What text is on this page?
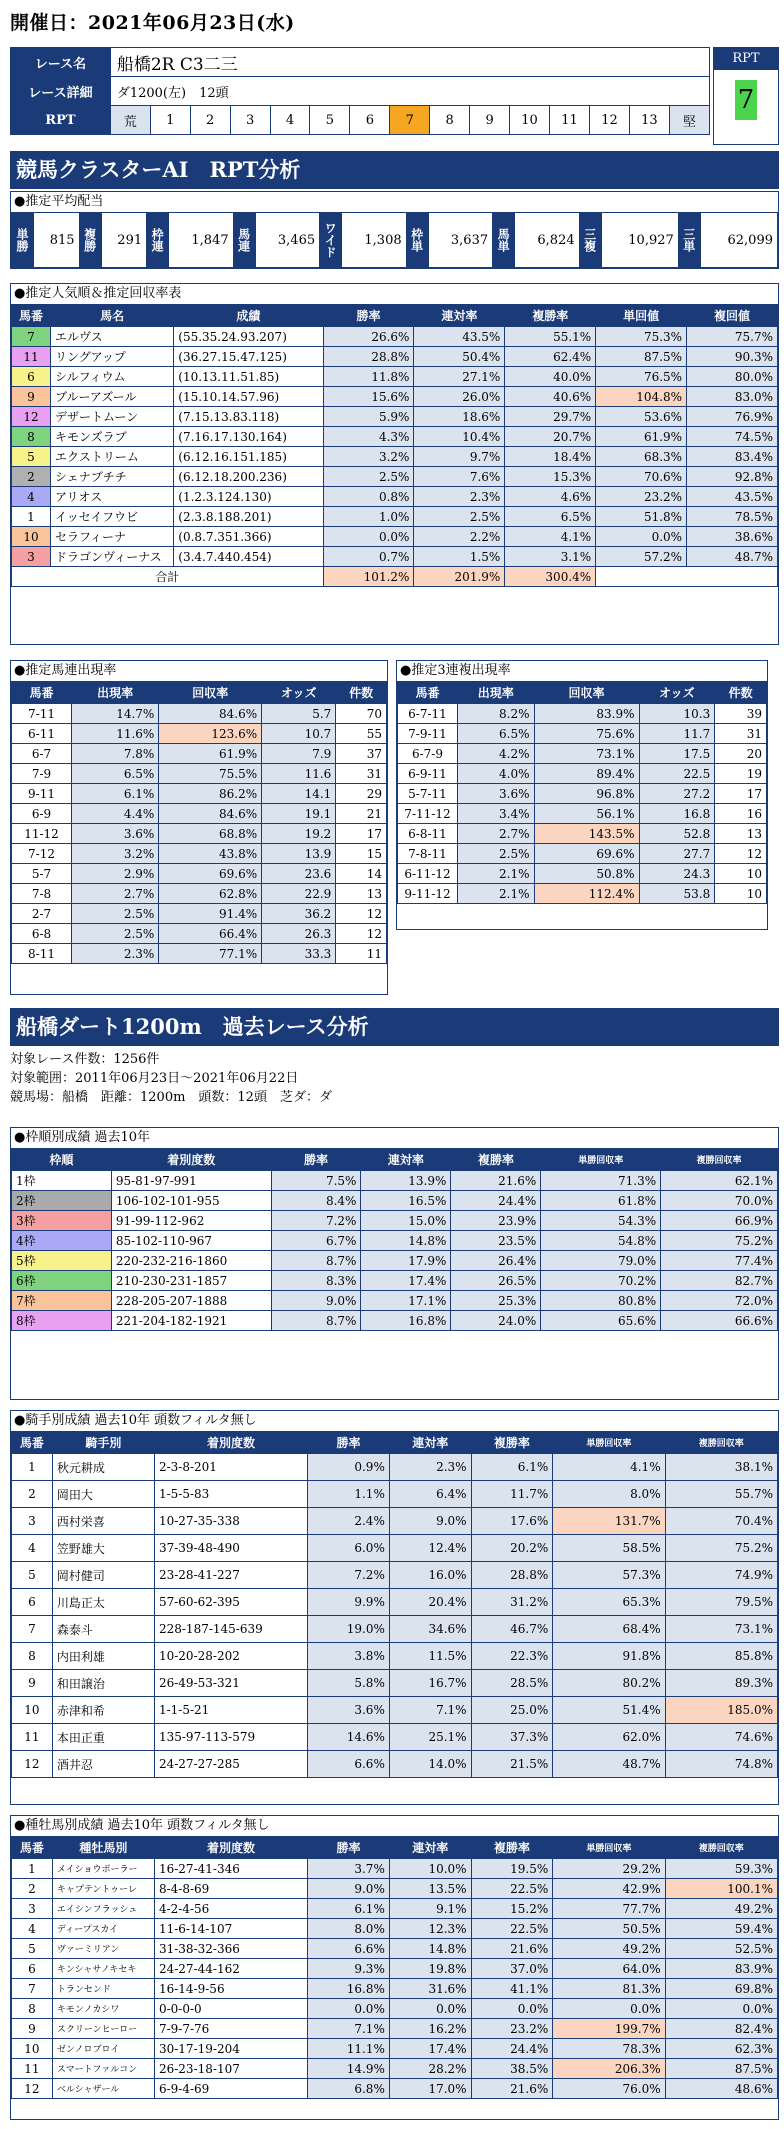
開催日：2021年06月23日(水)
レース名	船橋2R C3二三														
レース詳細	ダ1200(左)　12頭														
RPT	荒	1	2	3	4	5	6	7	8	9	10	11	12	13	堅
RPT
7
競馬クラスターAI　RPT分析
●推定平均配当
単勝	815	複勝	291	枠連	1,847	馬連	3,465	ワイド	1,308	枠単	3,637	馬単	6,824	三複	10,927	三単	62,099
●推定人気順＆推定回収率表
馬番	馬名	成績	勝率	連対率	複勝率	単回値	複回値
7	エルヴス	(55.35.24.93.207)	26.6%	43.5%	55.1%	75.3%	75.7%
11	リングアップ	(36.27.15.47.125)	28.8%	50.4%	62.4%	87.5%	90.3%
6	シルフィウム	(10.13.11.51.85)	11.8%	27.1%	40.0%	76.5%	80.0%
9	ブルーアズール	(15.10.14.57.96)	15.6%	26.0%	40.6%	104.8%	83.0%
12	デザートムーン	(7.15.13.83.118)	5.9%	18.6%	29.7%	53.6%	76.9%
8	キモンズラブ	(7.16.17.130.164)	4.3%	10.4%	20.7%	61.9%	74.5%
5	エクストリーム	(6.12.16.151.185)	3.2%	9.7%	18.4%	68.3%	83.4%
2	シェナブチチ	(6.12.18.200.236)	2.5%	7.6%	15.3%	70.6%	92.8%
4	アリオス	(1.2.3.124.130)	0.8%	2.3%	4.6%	23.2%	43.5%
1	イッセイフウビ	(2.3.8.188.201)	1.0%	2.5%	6.5%	51.8%	78.5%
10	セラフィーナ	(0.8.7.351.366)	0.0%	2.2%	4.1%	0.0%	38.6%
3	ドラゴンヴィーナス	(3.4.7.440.454)	0.7%	1.5%	3.1%	57.2%	48.7%
合計			101.2%	201.9%	300.4%		
●推定馬連出現率
馬番	出現率	回収率	オッズ	件数
7-11	14.7%	84.6%	5.7	70
6-11	11.6%	123.6%	10.7	55
6-7	7.8%	61.9%	7.9	37
7-9	6.5%	75.5%	11.6	31
9-11	6.1%	86.2%	14.1	29
6-9	4.4%	84.6%	19.1	21
11-12	3.6%	68.8%	19.2	17
7-12	3.2%	43.8%	13.9	15
5-7	2.9%	69.6%	23.6	14
7-8	2.7%	62.8%	22.9	13
2-7	2.5%	91.4%	36.2	12
6-8	2.5%	66.4%	26.3	12
8-11	2.3%	77.1%	33.3	11
●推定3連複出現率
馬番	出現率	回収率	オッズ	件数
6-7-11	8.2%	83.9%	10.3	39
7-9-11	6.5%	75.6%	11.7	31
6-7-9	4.2%	73.1%	17.5	20
6-9-11	4.0%	89.4%	22.5	19
5-7-11	3.6%	96.8%	27.2	17
7-11-12	3.4%	56.1%	16.8	16
6-8-11	2.7%	143.5%	52.8	13
7-8-11	2.5%	69.6%	27.7	12
6-11-12	2.1%	50.8%	24.3	10
9-11-12	2.1%	112.4%	53.8	10
船橋ダート1200m　過去レース分析
対象レース件数：1256件
対象範囲：2011年06月23日～2021年06月22日
競馬場：船橋　距離：1200m　頭数：12頭　芝ダ：ダ
●枠順別成績 過去10年
枠順	着別度数	勝率	連対率	複勝率	単勝回収率	複勝回収率
1枠	95-81-97-991	7.5%	13.9%	21.6%	71.3%	62.1%
2枠	106-102-101-955	8.4%	16.5%	24.4%	61.8%	70.0%
3枠	91-99-112-962	7.2%	15.0%	23.9%	54.3%	66.9%
4枠	85-102-110-967	6.7%	14.8%	23.5%	54.8%	75.2%
5枠	220-232-216-1860	8.7%	17.9%	26.4%	79.0%	77.4%
6枠	210-230-231-1857	8.3%	17.4%	26.5%	70.2%	82.7%
7枠	228-205-207-1888	9.0%	17.1%	25.3%	80.8%	72.0%
8枠	221-204-182-1921	8.7%	16.8%	24.0%	65.6%	66.6%
●騎手別成績 過去10年 頭数フィルタ無し
馬番	騎手別	着別度数	勝率	連対率	複勝率	単勝回収率	複勝回収率
1	秋元耕成	2-3-8-201	0.9%	2.3%	6.1%	4.1%	38.1%
2	岡田大	1-5-5-83	1.1%	6.4%	11.7%	8.0%	55.7%
3	西村栄喜	10-27-35-338	2.4%	9.0%	17.6%	131.7%	70.4%
4	笠野雄大	37-39-48-490	6.0%	12.4%	20.2%	58.5%	75.2%
5	岡村健司	23-28-41-227	7.2%	16.0%	28.8%	57.3%	74.9%
6	川島正太	57-60-62-395	9.9%	20.4%	31.2%	65.3%	79.5%
7	森泰斗	228-187-145-639	19.0%	34.6%	46.7%	68.4%	73.1%
8	内田利雄	10-20-28-202	3.8%	11.5%	22.3%	91.8%	85.8%
9	和田譲治	26-49-53-321	5.8%	16.7%	28.5%	80.2%	89.3%
10	赤津和希	1-1-5-21	3.6%	7.1%	25.0%	51.4%	185.0%
11	本田正重	135-97-113-579	14.6%	25.1%	37.3%	62.0%	74.6%
12	酒井忍	24-27-27-285	6.6%	14.0%	21.5%	48.7%	74.8%
●種牡馬別成績 過去10年 頭数フィルタ無し
馬番	種牡馬別	着別度数	勝率	連対率	複勝率	単勝回収率	複勝回収率
1	メイショウボーラー	16-27-41-346	3.7%	10.0%	19.5%	29.2%	59.3%
2	キャプテントゥーレ	8-4-8-69	9.0%	13.5%	22.5%	42.9%	100.1%
3	エイシンフラッシュ	4-2-4-56	6.1%	9.1%	15.2%	77.7%	49.2%
4	ディープスカイ	11-6-14-107	8.0%	12.3%	22.5%	50.5%	59.4%
5	ヴァーミリアン	31-38-32-366	6.6%	14.8%	21.6%	49.2%	52.5%
6	キンシャサノキセキ	24-27-44-162	9.3%	19.8%	37.0%	64.0%	83.9%
7	トランセンド	16-14-9-56	16.8%	31.6%	41.1%	81.3%	69.8%
8	キモンノカシワ	0-0-0-0	0.0%	0.0%	0.0%	0.0%	0.0%
9	スクリーンヒーロー	7-9-7-76	7.1%	16.2%	23.2%	199.7%	82.4%
10	ゼンノロブロイ	30-17-19-204	11.1%	17.4%	24.4%	78.3%	62.3%
11	スマートファルコン	26-23-18-107	14.9%	28.2%	38.5%	206.3%	87.5%
12	ベルシャザール	6-9-4-69	6.8%	17.0%	21.6%	76.0%	48.6%
